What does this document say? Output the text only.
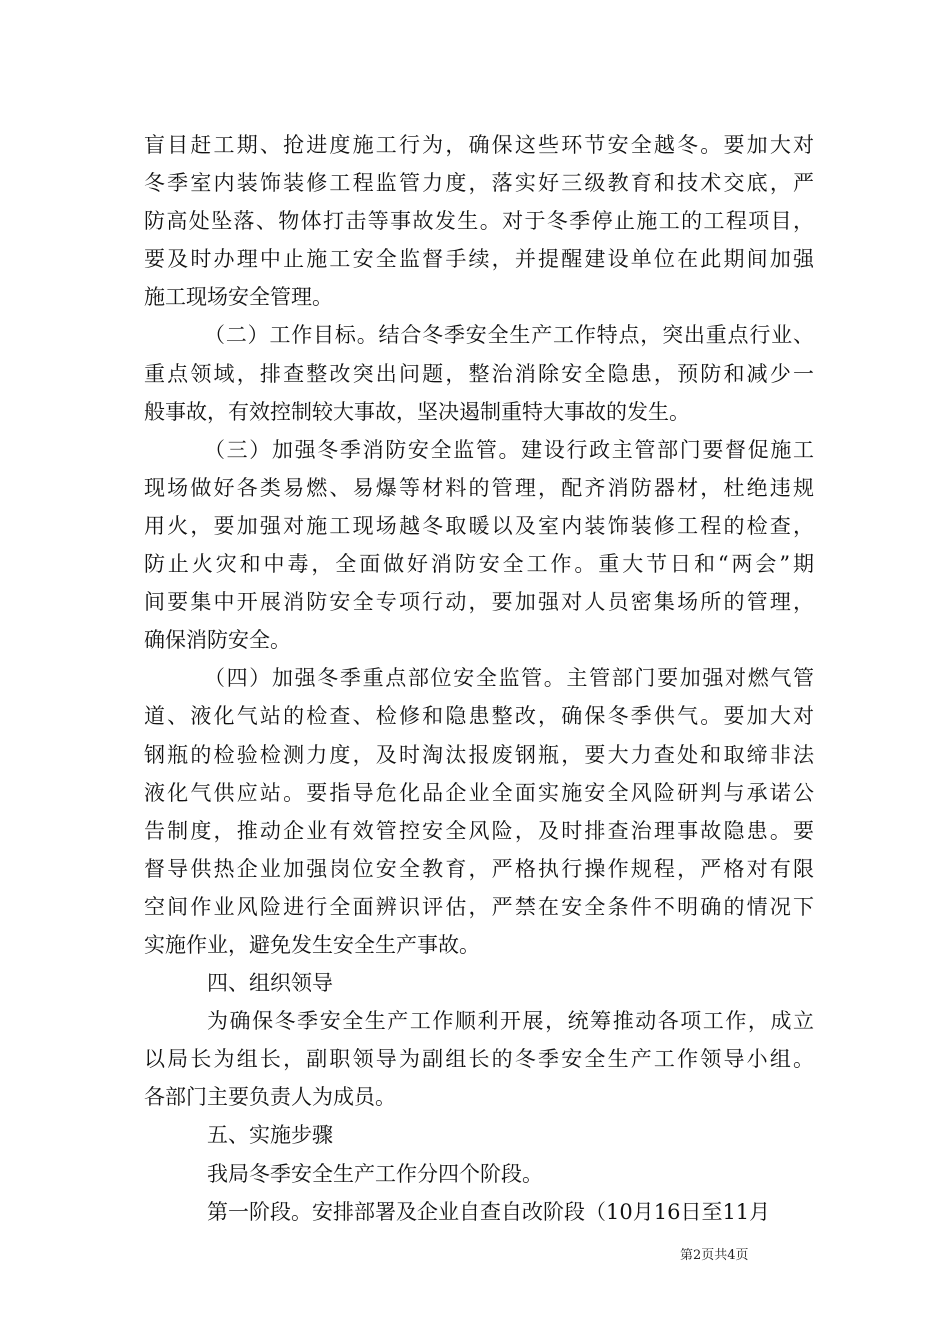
盲目赶工期、抢进度施工行为，确保这些环节安全越冬。要加大对
冬季室内装饰装修工程监管力度，落实好三级教育和技术交底，严
防高处坠落、物体打击等事故发生。对于冬季停止施工的工程项目，
要及时办理中止施工安全监督手续，并提醒建设单位在此期间加强
施工现场安全管理。
（二）工作目标。结合冬季安全生产工作特点，突出重点行业、
重点领域，排查整改突出问题，整治消除安全隐患，预防和减少一
般事故，有效控制较大事故，坚决遏制重特大事故的发生。
（三）加强冬季消防安全监管。建设行政主管部门要督促施工
现场做好各类易燃、易爆等材料的管理，配齐消防器材，杜绝违规
用火，要加强对施工现场越冬取暖以及室内装饰装修工程的检查，
防止火灾和中毒，全面做好消防安全工作。重大节日和“两会”期
间要集中开展消防安全专项行动，要加强对人员密集场所的管理，
确保消防安全。
（四）加强冬季重点部位安全监管。主管部门要加强对燃气管
道、液化气站的检查、检修和隐患整改，确保冬季供气。要加大对
钢瓶的检验检测力度，及时淘汰报废钢瓶，要大力查处和取缔非法
液化气供应站。要指导危化品企业全面实施安全风险研判与承诺公
告制度，推动企业有效管控安全风险，及时排查治理事故隐患。要
督导供热企业加强岗位安全教育，严格执行操作规程，严格对有限
空间作业风险进行全面辨识评估，严禁在安全条件不明确的情况下
实施作业，避免发生安全生产事故。
四、组织领导
为确保冬季安全生产工作顺利开展，统筹推动各项工作，成立
以局长为组长，副职领导为副组长的冬季安全生产工作领导小组。
各部门主要负责人为成员。
五、实施步骤
我局冬季安全生产工作分四个阶段。
第一阶段。安排部署及企业自查自改阶段（10月16日至11月
第2页共4页
